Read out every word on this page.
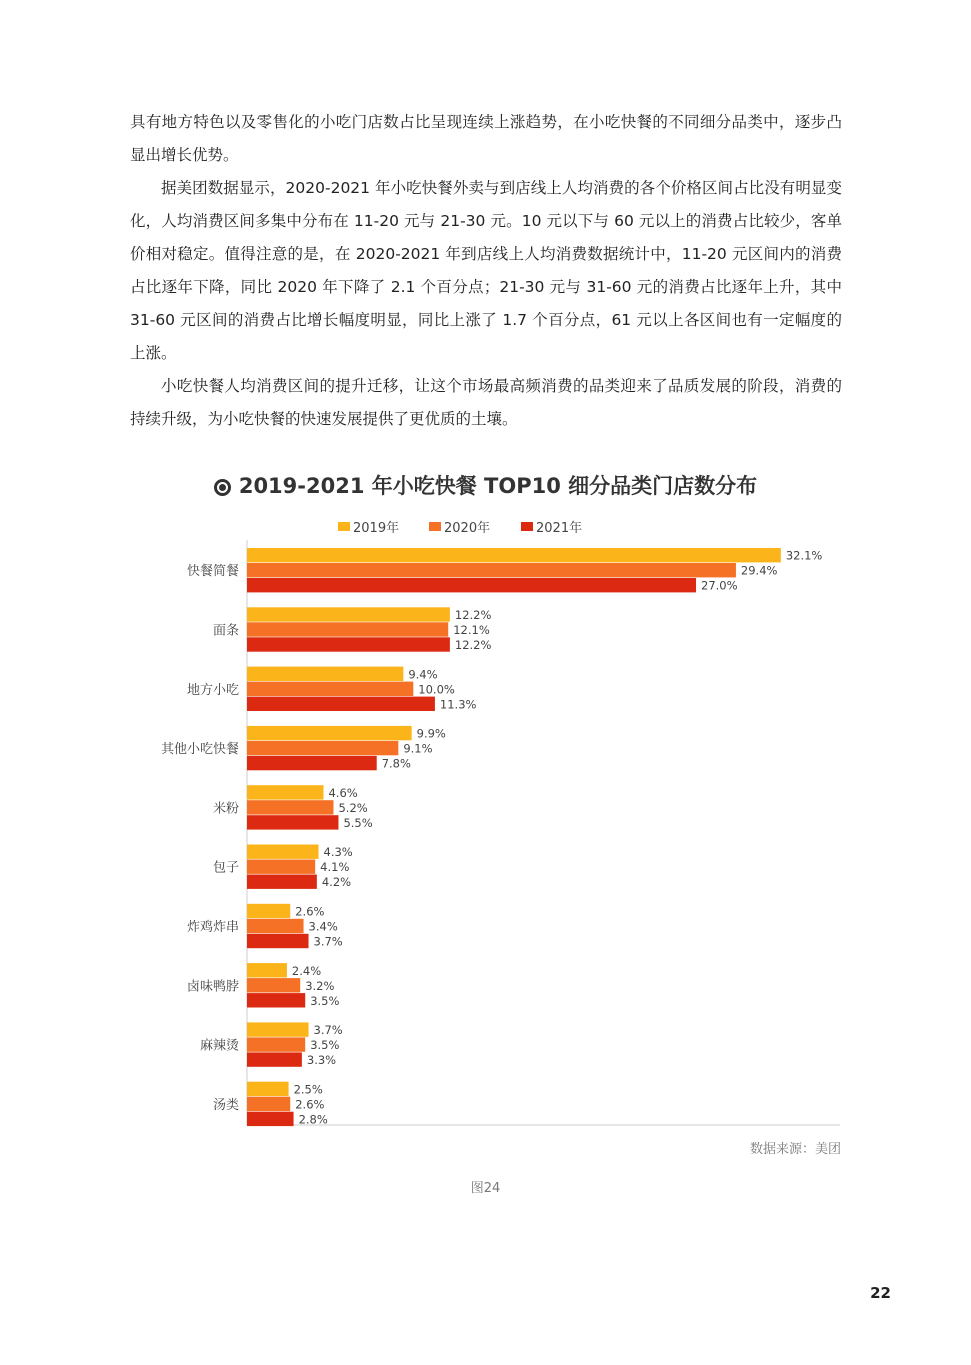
具有地方特色以及零售化的小吃门店数占比呈现连续上涨趋势，在小吃快餐的不同细分品类中，逐步凸显出增长优势。

据美团数据显示，2020-2021 年小吃快餐外卖与到店线上人均消费的各个价格区间占比没有明显变化，人均消费区间多集中分布在 11-20 元与 21-30 元。10 元以下与 60 元以上的消费占比较少，客单价相对稳定。值得注意的是，在 2020-2021 年到店线上人均消费数据统计中，11-20 元区间内的消费占比逐年下降，同比 2020 年下降了 2.1 个百分点；21-30 元与 31-60 元的消费占比逐年上升，其中 31-60 元区间的消费占比增长幅度明显，同比上涨了 1.7 个百分点，61 元以上各区间也有一定幅度的上涨。

小吃快餐人均消费区间的提升迁移，让这个市场最高频消费的品类迎来了品质发展的阶段，消费的持续升级，为小吃快餐的快速发展提供了更优质的土壤。

2019-2021 年小吃快餐 TOP10 细分品类门店数分布
2019年	2020年	2021年
快餐简餐
32.1%
29.4%
27.0%
面条
12.2%
12.1%
12.2%
地方小吃
9.4%
10.0%
11.3%
其他小吃快餐
9.9%
9.1%
7.8%
米粉
4.6%
5.2%
5.5%
包子
4.3%
4.1%
4.2%
炸鸡炸串
2.6%
3.4%
3.7%
卤味鸭脖
2.4%
3.2%
3.5%
麻辣烫
3.7%
3.5%
3.3%
汤类
2.5%
2.6%
2.8%
数据来源：美团
图24
22
